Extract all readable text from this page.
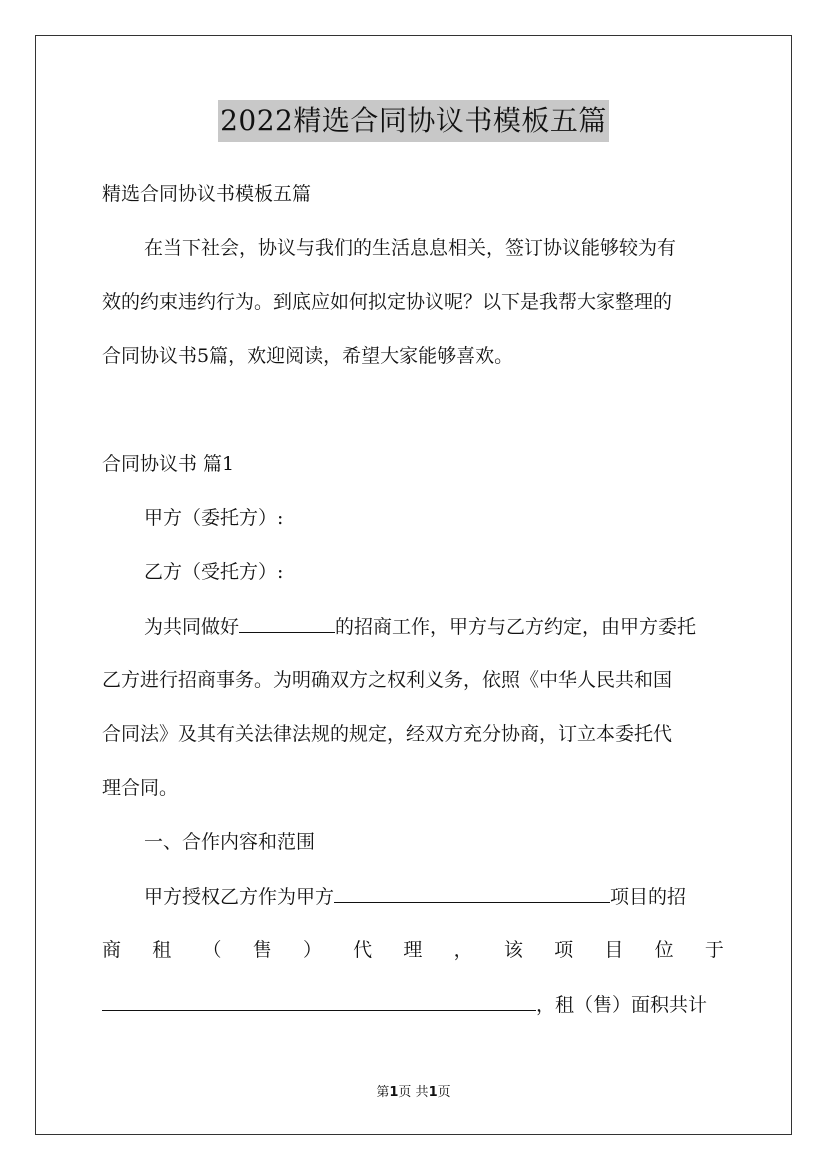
2022精选合同协议书模板五篇
精选合同协议书模板五篇
在当下社会，协议与我们的生活息息相关，签订协议能够较为有
效的约束违约行为。到底应如何拟定协议呢？以下是我帮大家整理的
合同协议书5篇，欢迎阅读，希望大家能够喜欢。
合同协议书 篇1
甲方（委托方）:
乙方（受托方）:
为共同做好	的招商工作，甲方与乙方约定，由甲方委托
乙方进行招商事务。为明确双方之权利义务，依照《中华人民共和国
合同法》及其有关法律法规的规定，经双方充分协商，订立本委托代
理合同。
一、合作内容和范围
甲方授权乙方作为甲方	项目的招
商 租 （ 售 ） 代 理 ， 该 项 目 位 于
，租（售）面积共计
第1页 共1页
